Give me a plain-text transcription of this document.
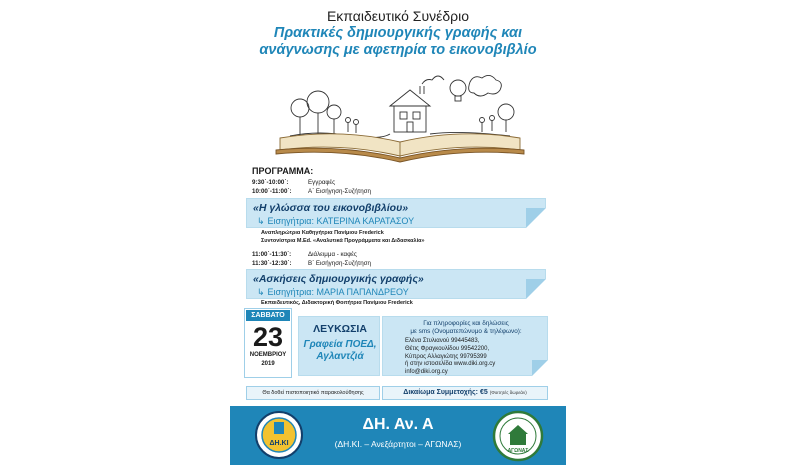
Εκπαιδευτικό Συνέδριο
Πρακτικές δημιουργικής γραφής και
ανάγνωσης με αφετηρία το εικονοβιβλίο
ΠΡΟΓΡΑΜΜΑ:
9:30΄-10:00΄:	Εγγραφές
10:00΄-11:00΄:	Α΄ Εισήγηση-Συζήτηση
«Η γλώσσα του εικονοβιβλίου»
↳ Εισηγήτρια: ΚΑΤΕΡΙΝΑ ΚΑΡΑΤΑΣΟΥ
Αναπληρώτρια Καθηγήτρια Πανίμιου Frederick
Συντονίστρια Μ.Ed. «Αναλυτικά Προγράμματα και Διδασκαλία»
11:00΄-11:30΄:	Διάλειμμα - καφές
11:30΄-12:30΄:	Β΄ Εισήγηση-Συζήτηση
«Ασκήσεις δημιουργικής γραφής»
↳ Εισηγήτρια: ΜΑΡΙΑ ΠΑΠΑΝΔΡΕΟΥ
Εκπαιδευτικός, Διδακτορική Φοιτήτρια Πανίμιου Frederick
ΣΑΒΒΑΤΟ
23
ΝΟΕΜΒΡΙΟΥ
2019
ΛΕΥΚΩΣΙΑ
Γραφεία ΠΟΕΔ,
Αγλαντζιά
Για πληροφορίες και δηλώσεις
με sms (Ονοματεπώνυμο & τηλέφωνο):
Ελένα Στυλιανού 99445483,
Θέτις Φραγκουλίδου 99542200,
Κύπρος Αλλαγιώτης 99795399
ή στην ιστοσελίδα www.diki.org.cy
info@diki.org.cy
Θα δοθεί πιστοποιητικό παρακολούθησης	Δικαίωμα Συμμετοχής: €5 (Φοιτητές δωρεάν)
ΔΗ.ΚΙ
ΔΗ. Αν. Α
(ΔΗ.ΚΙ. – Ανεξάρτητοι – ΑΓΩΝΑΣ)
ΑΓΩΝΑΣ
